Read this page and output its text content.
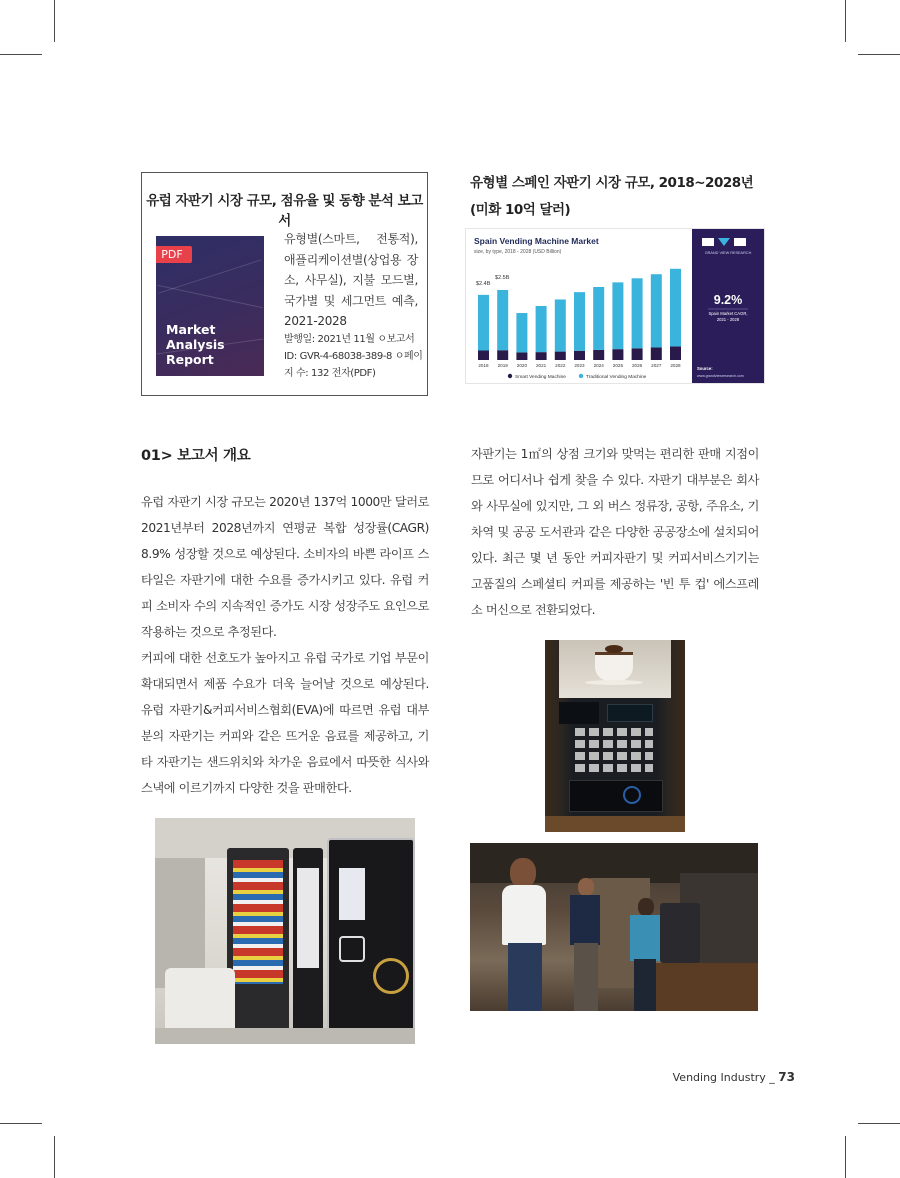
유럽 자판기 시장 규모, 점유율 및 동향 분석 보고서
PDF
Market
Analysis
Report
유형별(스마트, 전통적), 애플리케이션별(상업용 장소, 사무실), 지불 모드별, 국가별 및 세그먼트 예측, 2021-2028
발행일: 2021년 11월 ㅇ보고서
ID: GVR-4-68038-389-8 ㅇ페이
지 수: 132 전자(PDF)
유형별 스페인 자판기 시장 규모, 2018~2028년
(미화 10억 달러)
Spain Vending Machine Market
size, by type, 2018 - 2028 (USD Billion)
2018 2019 2020 2021 2022 2023 2024 2025 2026 2027 2028
$2.4B
$2.5B
Smart Vending Machine	Traditional Vending Machine
GRAND VIEW RESEARCH
9.2%
Spain Market CAGR,
2021 - 2028
Source:
www.grandviewresearch.com
01> 보고서 개요

유럽 자판기 시장 규모는 2020년 137억 1000만 달러로 2021년부터 2028년까지 연평균 복합 성장률(CAGR) 8.9% 성장할 것으로 예상된다. 소비자의 바쁜 라이프 스타일은 자판기에 대한 수요를 증가시키고 있다. 유럽 커피 소비자 수의 지속적인 증가도 시장 성장주도 요인으로 작용하는 것으로 추정된다.

커피에 대한 선호도가 높아지고 유럽 국가로 기업 부문이 확대되면서 제품 수요가 더욱 늘어날 것으로 예상된다. 유럽 자판기&커피서비스협회(EVA)에 따르면 유럽 대부분의 자판기는 커피와 같은 뜨거운 음료를 제공하고, 기타 자판기는 샌드위치와 차가운 음료에서 따뜻한 식사와 스낵에 이르기까지 다양한 것을 판매한다.

자판기는 1㎡의 상점 크기와 맞먹는 편리한 판매 지점이므로 어디서나 쉽게 찾을 수 있다. 자판기 대부분은 회사와 사무실에 있지만, 그 외 버스 정류장, 공항, 주유소, 기차역 및 공공 도서관과 같은 다양한 공공장소에 설치되어 있다. 최근 몇 년 동안 커피자판기 및 커피서비스기기는 고품질의 스페셜티 커피를 제공하는 '빈 투 컵' 에스프레소 머신으로 전환되었다.

Vending Industry _ 73
